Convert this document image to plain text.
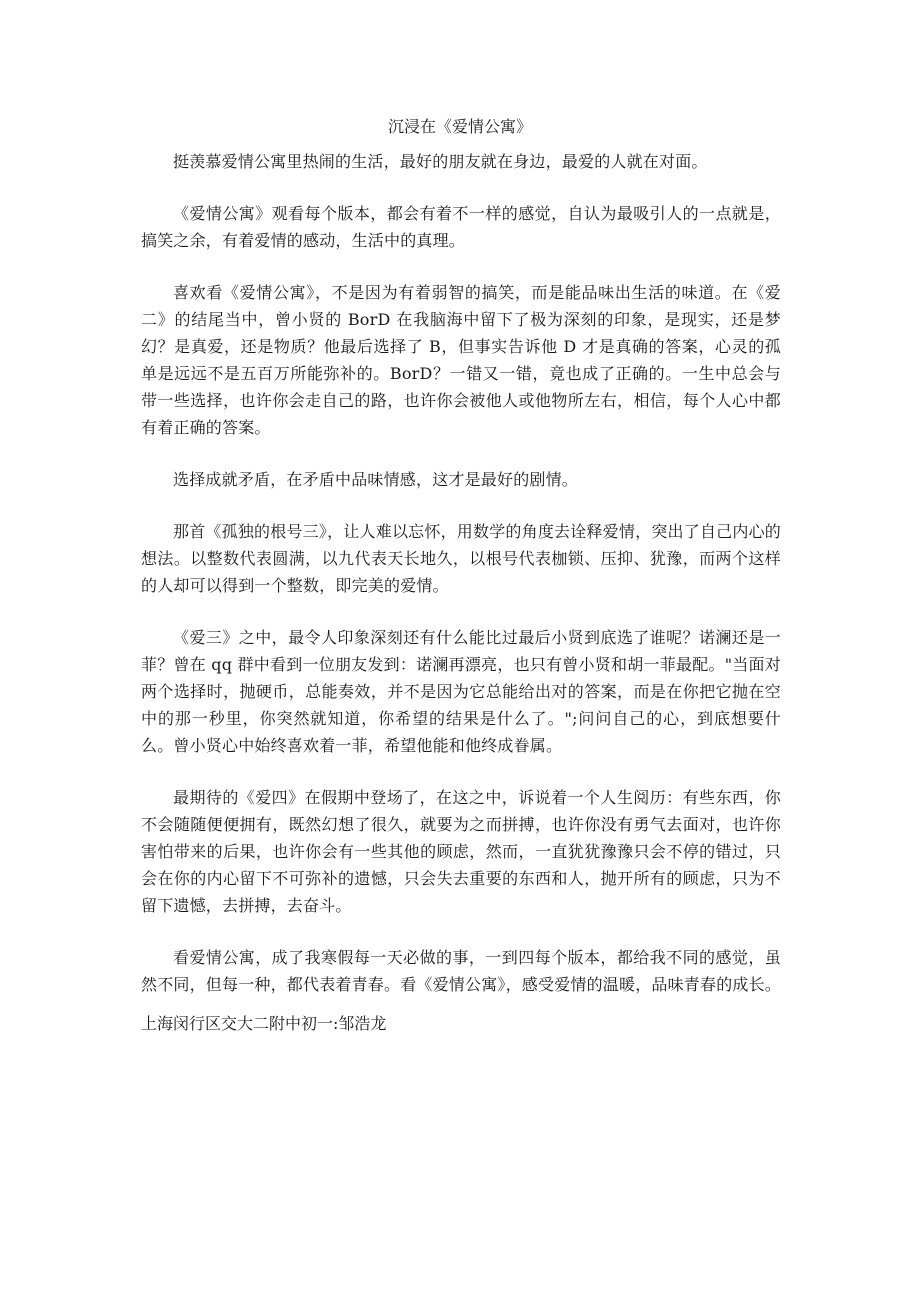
沉浸在《爱情公寓》

挺羡慕爱情公寓里热闹的生活，最好的朋友就在身边，最爱的人就在对面。

《爱情公寓》观看每个版本，都会有着不一样的感觉，自认为最吸引人的一点就是，搞笑之余，有着爱情的感动，生活中的真理。

喜欢看《爱情公寓》，不是因为有着弱智的搞笑，而是能品味出生活的味道。在《爱二》的结尾当中，曾小贤的 BorD 在我脑海中留下了极为深刻的印象，是现实，还是梦幻？是真爱，还是物质？他最后选择了 B，但事实告诉他 D 才是真确的答案，心灵的孤单是远远不是五百万所能弥补的。BorD？一错又一错，竟也成了正确的。一生中总会与带一些选择，也许你会走自己的路，也许你会被他人或他物所左右，相信，每个人心中都有着正确的答案。

选择成就矛盾，在矛盾中品味情感，这才是最好的剧情。

那首《孤独的根号三》，让人难以忘怀，用数学的角度去诠释爱情，突出了自己内心的想法。以整数代表圆满，以九代表天长地久，以根号代表枷锁、压抑、犹豫，而两个这样的人却可以得到一个整数，即完美的爱情。

《爱三》之中，最令人印象深刻还有什么能比过最后小贤到底选了谁呢？诺澜还是一菲？曾在 qq 群中看到一位朋友发到：诺澜再漂亮，也只有曾小贤和胡一菲最配。"当面对两个选择时，抛硬币，总能奏效，并不是因为它总能给出对的答案，而是在你把它抛在空中的那一秒里，你突然就知道，你希望的结果是什么了。";问问自己的心，到底想要什么。曾小贤心中始终喜欢着一菲，希望他能和他终成眷属。

最期待的《爱四》在假期中登场了，在这之中，诉说着一个人生阅历：有些东西，你不会随随便便拥有，既然幻想了很久，就要为之而拼搏，也许你没有勇气去面对，也许你害怕带来的后果，也许你会有一些其他的顾虑，然而，一直犹犹豫豫只会不停的错过，只会在你的内心留下不可弥补的遗憾，只会失去重要的东西和人，抛开所有的顾虑，只为不留下遗憾，去拼搏，去奋斗。

看爱情公寓，成了我寒假每一天必做的事，一到四每个版本，都给我不同的感觉，虽然不同，但每一种，都代表着青春。看《爱情公寓》，感受爱情的温暖，品味青春的成长。

上海闵行区交大二附中初一:邹浩龙
